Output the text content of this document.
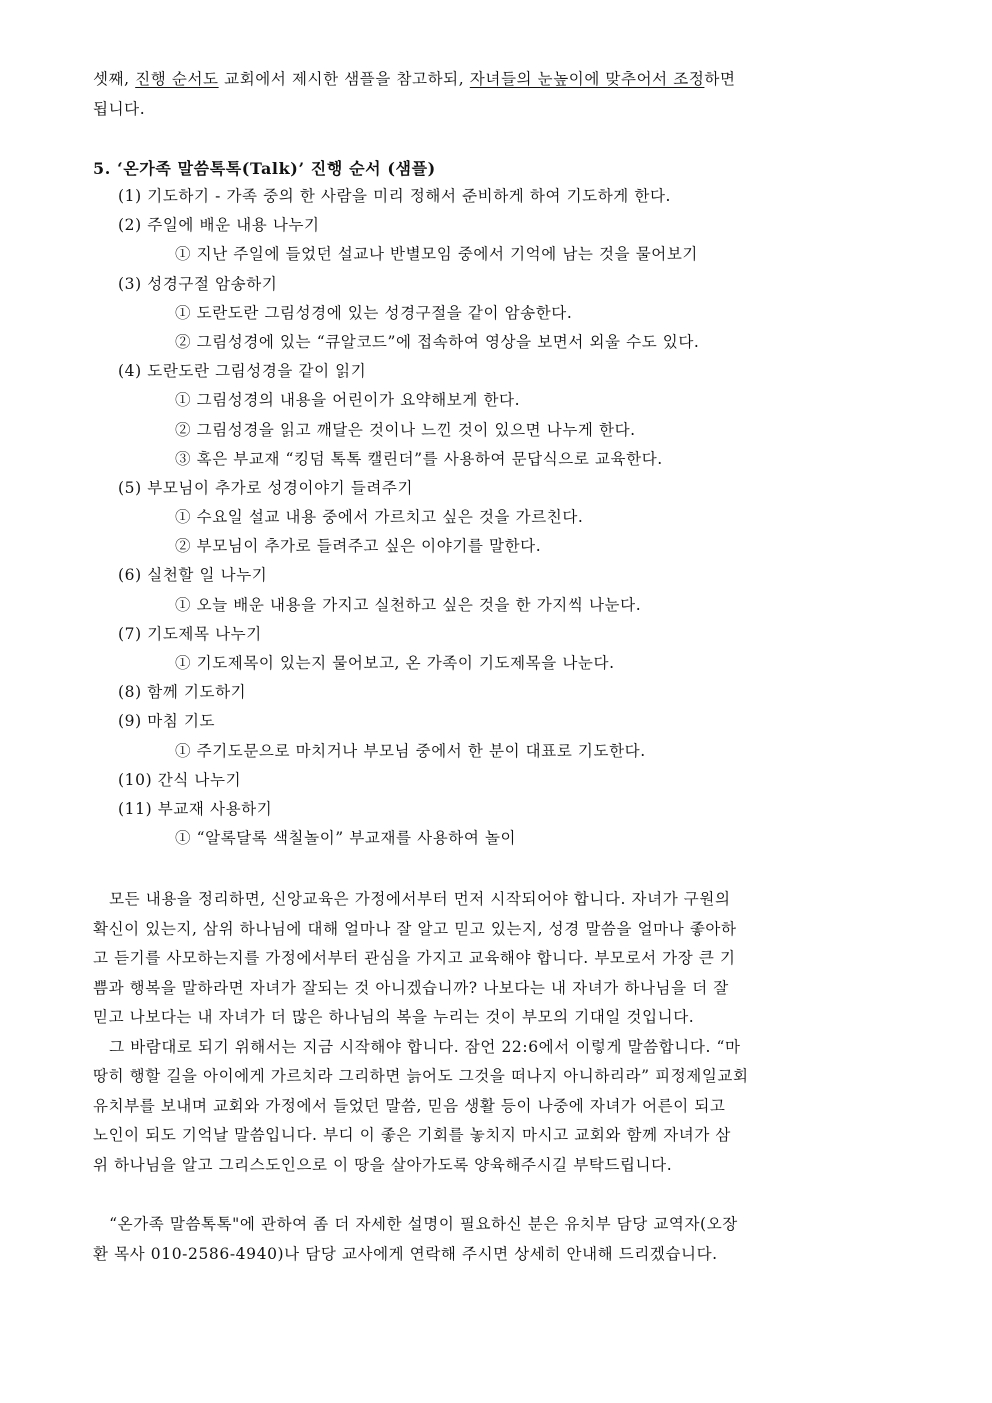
셋째, 진행 순서도 교회에서 제시한 샘플을 참고하되, 자녀들의 눈높이에 맞추어서 조정하면
됩니다.

5. ‘온가족 말씀톡톡(Talk)’ 진행 순서 (샘플)
(1) 기도하기 - 가족 중의 한 사람을 미리 정해서 준비하게 하여 기도하게 한다.
(2) 주일에 배운 내용 나누기
① 지난 주일에 들었던 설교나 반별모임 중에서 기억에 남는 것을 물어보기
(3) 성경구절 암송하기
① 도란도란 그림성경에 있는 성경구절을 같이 암송한다.
② 그림성경에 있는 “큐알코드”에 접속하여 영상을 보면서 외울 수도 있다.
(4) 도란도란 그림성경을 같이 읽기
① 그림성경의 내용을 어린이가 요약해보게 한다.
② 그림성경을 읽고 깨달은 것이나 느낀 것이 있으면 나누게 한다.
③ 혹은 부교재 “킹덤 톡톡 캘린더”를 사용하여 문답식으로 교육한다.
(5) 부모님이 추가로 성경이야기 들려주기
① 수요일 설교 내용 중에서 가르치고 싶은 것을 가르친다.
② 부모님이 추가로 들려주고 싶은 이야기를 말한다.
(6) 실천할 일 나누기
① 오늘 배운 내용을 가지고 실천하고 싶은 것을 한 가지씩 나눈다.
(7) 기도제목 나누기
① 기도제목이 있는지 물어보고, 온 가족이 기도제목을 나눈다.
(8) 함께 기도하기
(9) 마침 기도
① 주기도문으로 마치거나 부모님 중에서 한 분이 대표로 기도한다.
(10) 간식 나누기
(11) 부교재 사용하기
① “알록달록 색칠놀이” 부교재를 사용하여 놀이

　모든 내용을 정리하면, 신앙교육은 가정에서부터 먼저 시작되어야 합니다. 자녀가 구원의
확신이 있는지, 삼위 하나님에 대해 얼마나 잘 알고 믿고 있는지, 성경 말씀을 얼마나 좋아하
고 듣기를 사모하는지를 가정에서부터 관심을 가지고 교육해야 합니다. 부모로서 가장 큰 기
쁨과 행복을 말하라면 자녀가 잘되는 것 아니겠습니까? 나보다는 내 자녀가 하나님을 더 잘
믿고 나보다는 내 자녀가 더 많은 하나님의 복을 누리는 것이 부모의 기대일 것입니다.
　그 바람대로 되기 위해서는 지금 시작해야 합니다. 잠언 22:6에서 이렇게 말씀합니다. “마
땅히 행할 길을 아이에게 가르치라 그리하면 늙어도 그것을 떠나지 아니하리라” 피정제일교회
유치부를 보내며 교회와 가정에서 들었던 말씀, 믿음 생활 등이 나중에 자녀가 어른이 되고
노인이 되도 기억날 말씀입니다. 부디 이 좋은 기회를 놓치지 마시고 교회와 함께 자녀가 삼
위 하나님을 알고 그리스도인으로 이 땅을 살아가도록 양육해주시길 부탁드립니다.

　“온가족 말씀톡톡"에 관하여 좀 더 자세한 설명이 필요하신 분은 유치부 담당 교역자(오장
환 목사 010-2586-4940)나 담당 교사에게 연락해 주시면 상세히 안내해 드리겠습니다.
